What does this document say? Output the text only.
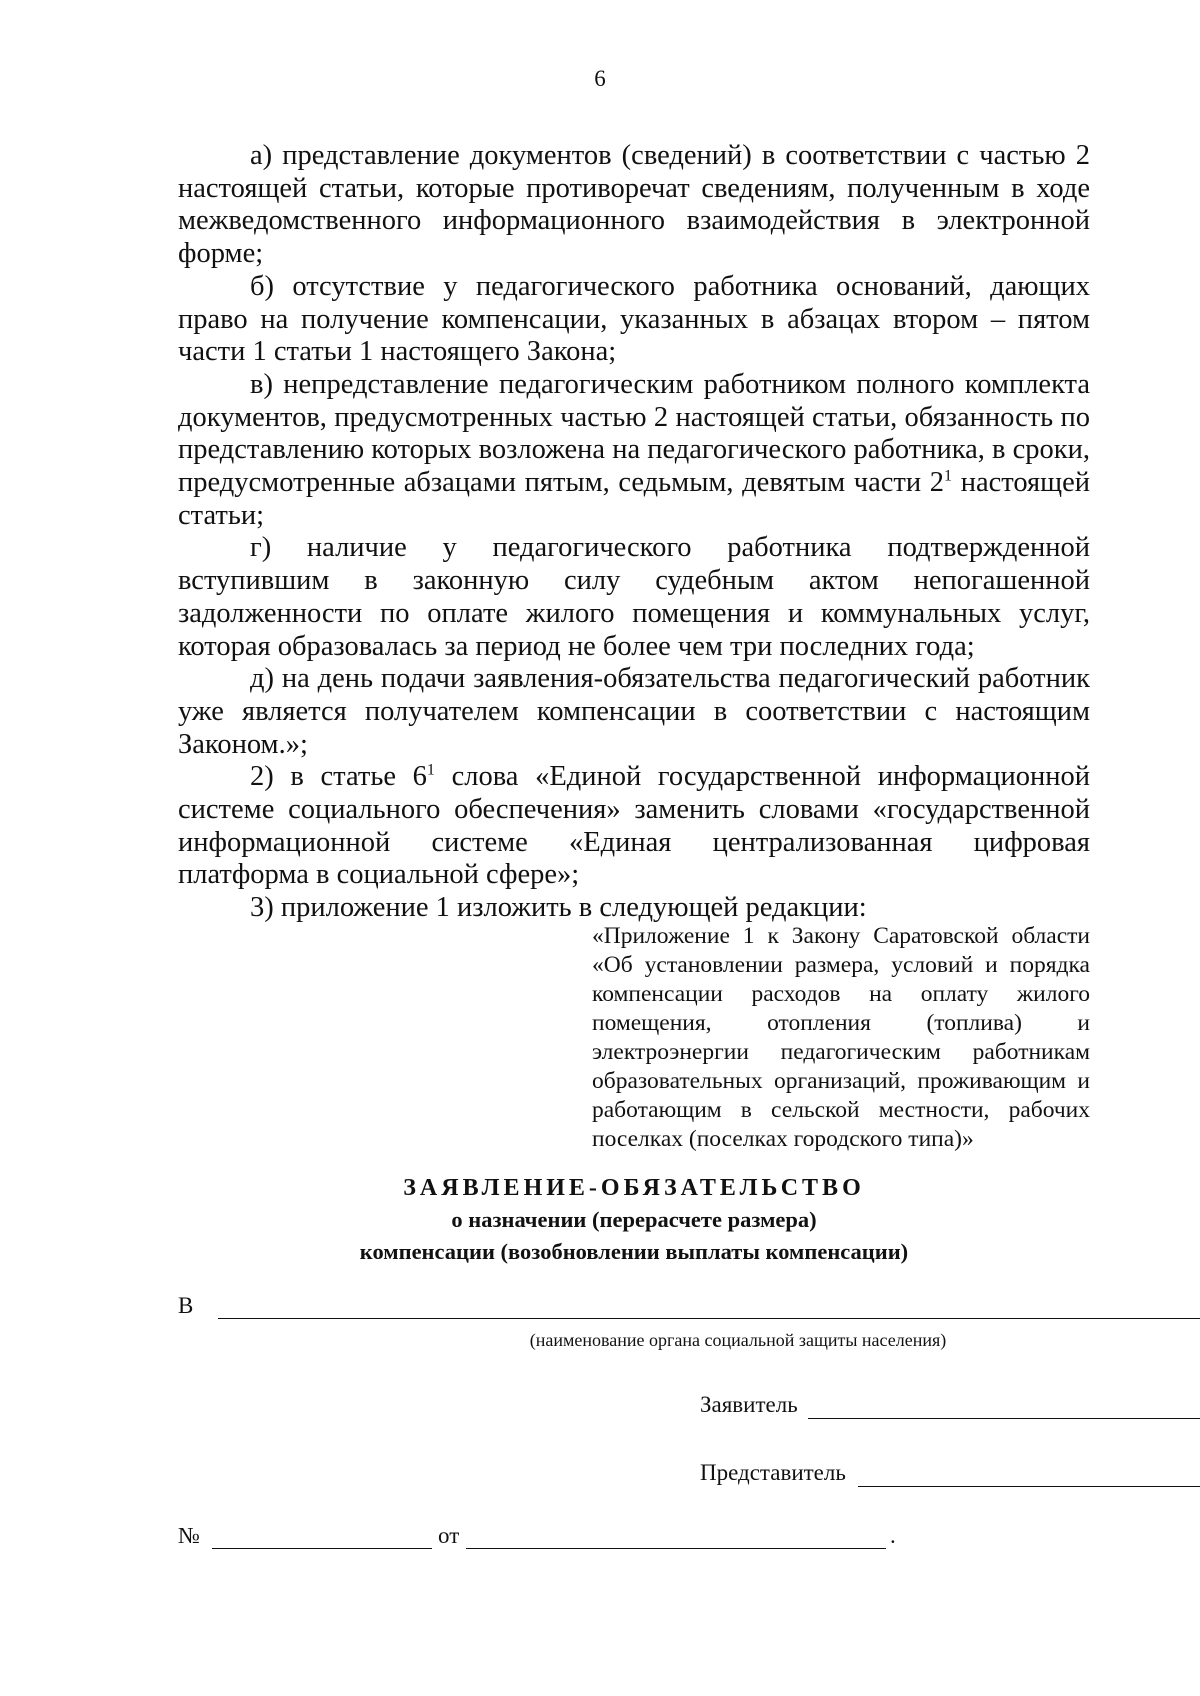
6

а) представление документов (сведений) в соответствии с частью 2 настоящей статьи, которые противоречат сведениям, полученным в ходе межведомственного информационного взаимодействия в электронной форме;

б) отсутствие у педагогического работника оснований, дающих право на получение компенсации, указанных в абзацах втором – пятом части 1 статьи 1 настоящего Закона;

в) непредставление педагогическим работником полного комплекта документов, предусмотренных частью 2 настоящей статьи, обязанность по представлению которых возложена на педагогического работника, в сроки, предусмотренные абзацами пятым, седьмым, девятым части $2^1$ настоящей статьи;

г) наличие у педагогического работника подтвержденной вступившим в законную силу судебным актом непогашенной задолженности по оплате жилого помещения и коммунальных услуг, которая образовалась за период не более чем три последних года;

д) на день подачи заявления-обязательства педагогический работник уже является получателем компенсации в соответствии с настоящим Законом.»;

2) в статье $6^1$ слова «Единой государственной информационной системе социального обеспечения» заменить словами «государственной информационной системе «Единая централизованная цифровая платформа в социальной сфере»;

3) приложение 1 изложить в следующей редакции:

«Приложение 1 к Закону Саратовской области «Об установлении размера, условий и порядка компенсации расходов на оплату жилого помещения, отопления (топлива) и электроэнергии педагогическим работникам образовательных организаций, проживающим и работающим в сельской местности, рабочих поселках (поселках городского типа)»
ЗАЯВЛЕНИЕ-ОБЯЗАТЕЛЬСТВО
о назначении (перерасчете размера)
компенсации (возобновлении выплаты компенсации)
В
(наименование органа социальной защиты населения)
Заявитель
Представитель
№	от	.
